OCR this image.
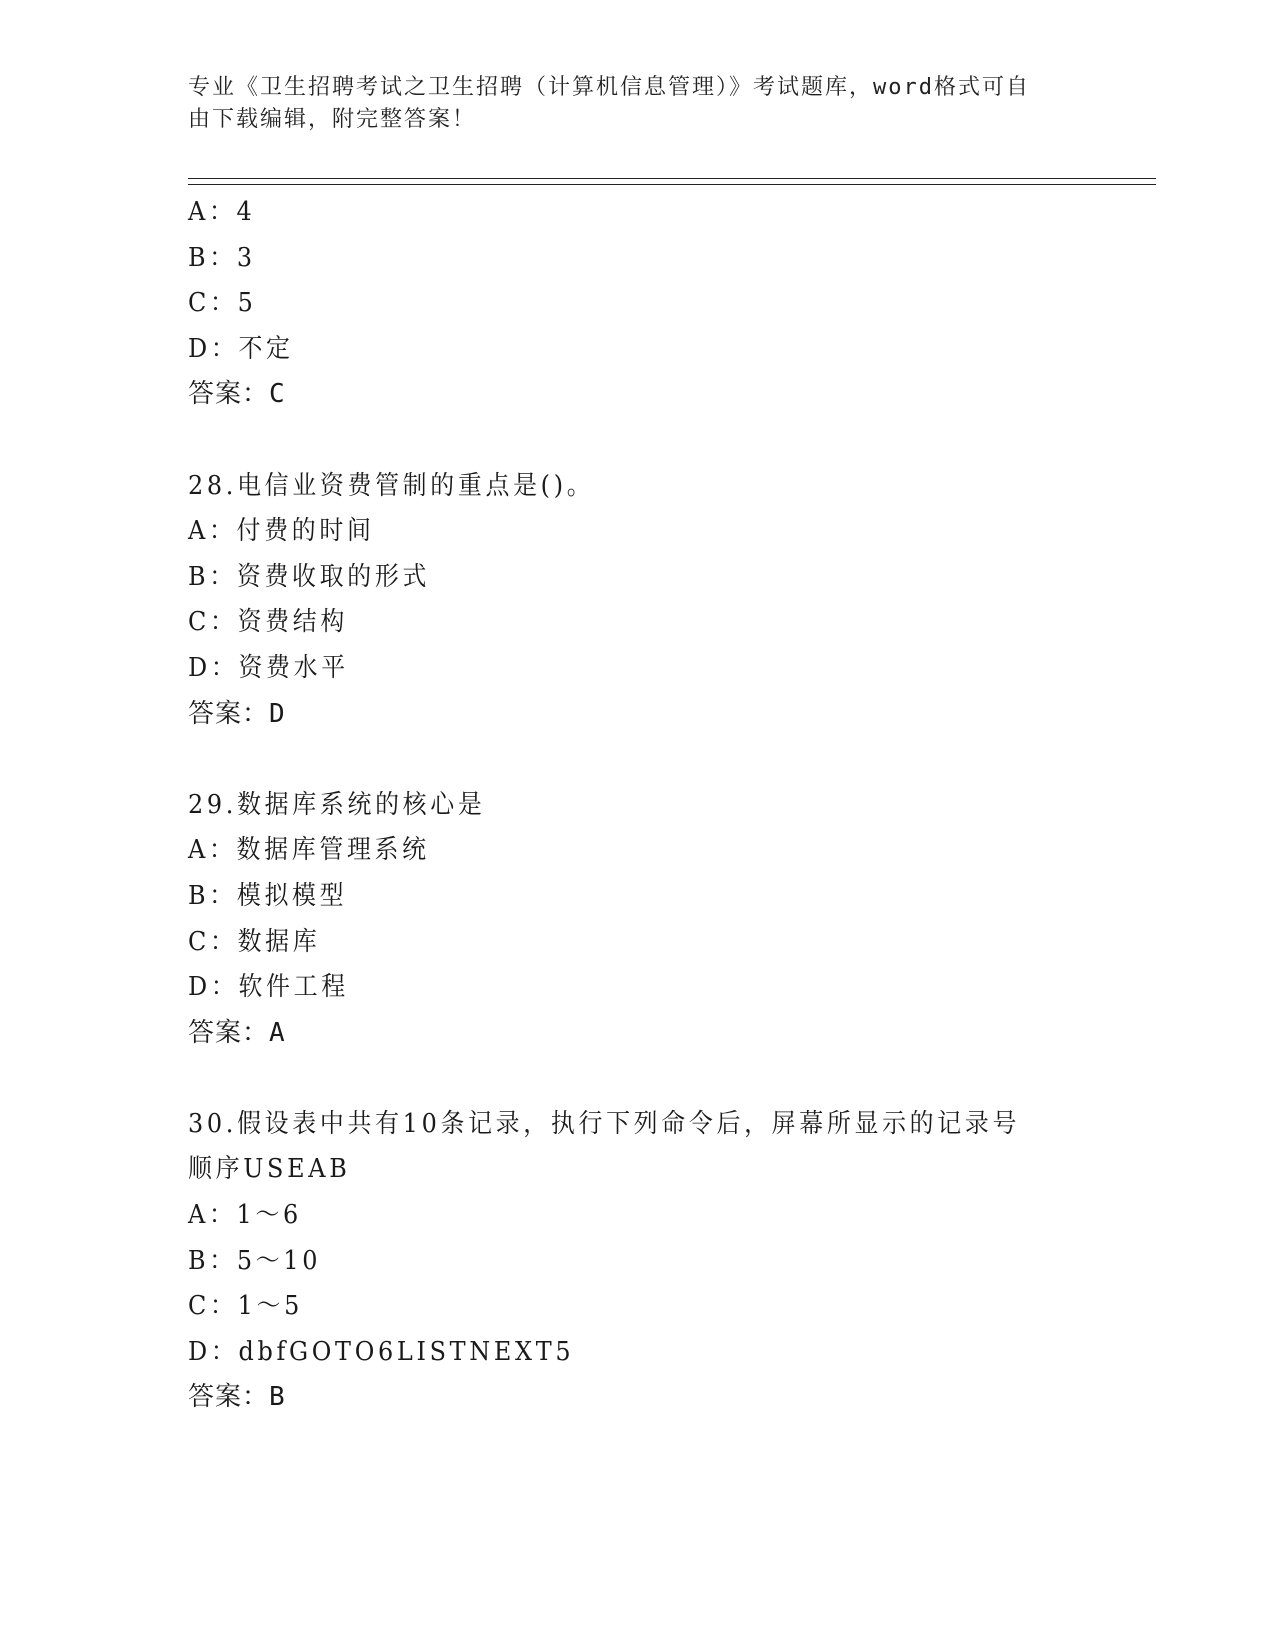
专业《卫生招聘考试之卫生招聘（计算机信息管理）》考试题库，word格式可自
由下载编辑，附完整答案！
A：4
B：3
C：5
D：不定
答案：C
28.电信业资费管制的重点是()。
A：付费的时间
B：资费收取的形式
C：资费结构
D：资费水平
答案：D
29.数据库系统的核心是
A：数据库管理系统
B：模拟模型
C：数据库
D：软件工程
答案：A
30.假设表中共有10条记录，执行下列命令后，屏幕所显示的记录号
顺序USEAB
A：1～6
B：5～10
C：1～5
D：dbfGOTO6LISTNEXT5
答案：B
